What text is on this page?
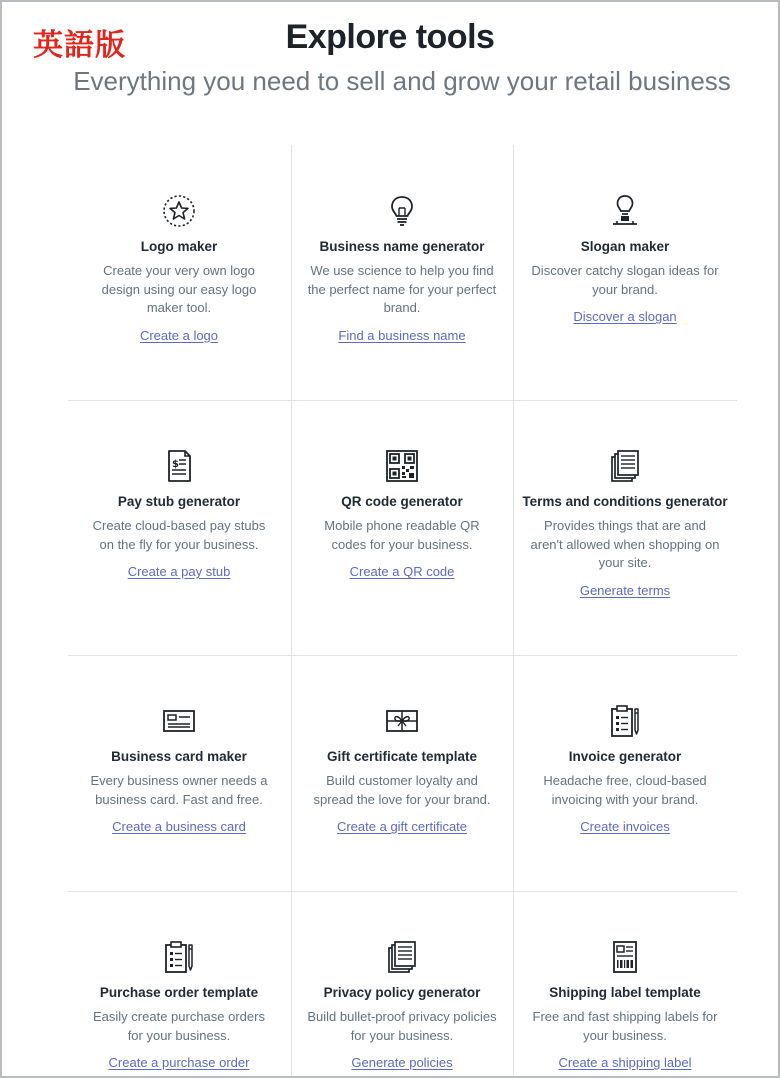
英語版	Explore tools
Everything you need to sell and grow your retail business
Logo maker
Create your very own logo design using our easy logo maker tool.
Create a logo
Business name generator
We use science to help you find the perfect name for your perfect brand.
Find a business name
Slogan maker
Discover catchy slogan ideas for your brand.
Discover a slogan
$
Pay stub generator
Create cloud-based pay stubs on the fly for your business.
Create a pay stub
QR code generator
Mobile phone readable QR codes for your business.
Create a QR code
Terms and conditions generator
Provides things that are and aren't allowed when shopping on your site.
Generate terms
Business card maker
Every business owner needs a business card. Fast and free.
Create a business card
Gift certificate template
Build customer loyalty and spread the love for your brand.
Create a gift certificate
Invoice generator
Headache free, cloud-based invoicing with your brand.
Create invoices
Purchase order template
Easily create purchase orders for your business.
Create a purchase order
Privacy policy generator
Build bullet-proof privacy policies for your business.
Generate policies
Shipping label template
Free and fast shipping labels for your business.
Create a shipping label
